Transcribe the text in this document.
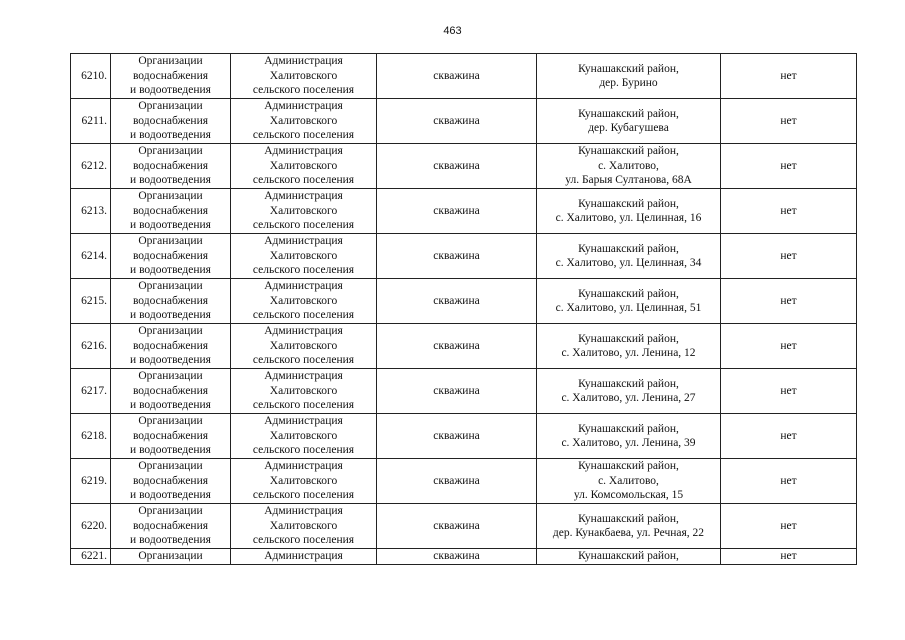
463
6210.	Организации
водоснабжения
и водоотведения	Администрация
Халитовского
сельского поселения	скважина	Кунашакский район,
дер. Бурино	нет
6211.	Организации
водоснабжения
и водоотведения	Администрация
Халитовского
сельского поселения	скважина	Кунашакский район,
дер. Кубагушева	нет
6212.	Организации
водоснабжения
и водоотведения	Администрация
Халитовского
сельского поселения	скважина	Кунашакский район,
с. Халитово,
ул. Барыя Султанова, 68А	нет
6213.	Организации
водоснабжения
и водоотведения	Администрация
Халитовского
сельского поселения	скважина	Кунашакский район,
с. Халитово, ул. Целинная, 16	нет
6214.	Организации
водоснабжения
и водоотведения	Администрация
Халитовского
сельского поселения	скважина	Кунашакский район,
с. Халитово, ул. Целинная, 34	нет
6215.	Организации
водоснабжения
и водоотведения	Администрация
Халитовского
сельского поселения	скважина	Кунашакский район,
с. Халитово, ул. Целинная, 51	нет
6216.	Организации
водоснабжения
и водоотведения	Администрация
Халитовского
сельского поселения	скважина	Кунашакский район,
с. Халитово, ул. Ленина, 12	нет
6217.	Организации
водоснабжения
и водоотведения	Администрация
Халитовского
сельского поселения	скважина	Кунашакский район,
с. Халитово, ул. Ленина, 27	нет
6218.	Организации
водоснабжения
и водоотведения	Администрация
Халитовского
сельского поселения	скважина	Кунашакский район,
с. Халитово, ул. Ленина, 39	нет
6219.	Организации
водоснабжения
и водоотведения	Администрация
Халитовского
сельского поселения	скважина	Кунашакский район,
с. Халитово,
ул. Комсомольская, 15	нет
6220.	Организации
водоснабжения
и водоотведения	Администрация
Халитовского
сельского поселения	скважина	Кунашакский район,
дер. Кунакбаева, ул. Речная, 22	нет
6221.	Организации	Администрация	скважина	Кунашакский район,	нет
